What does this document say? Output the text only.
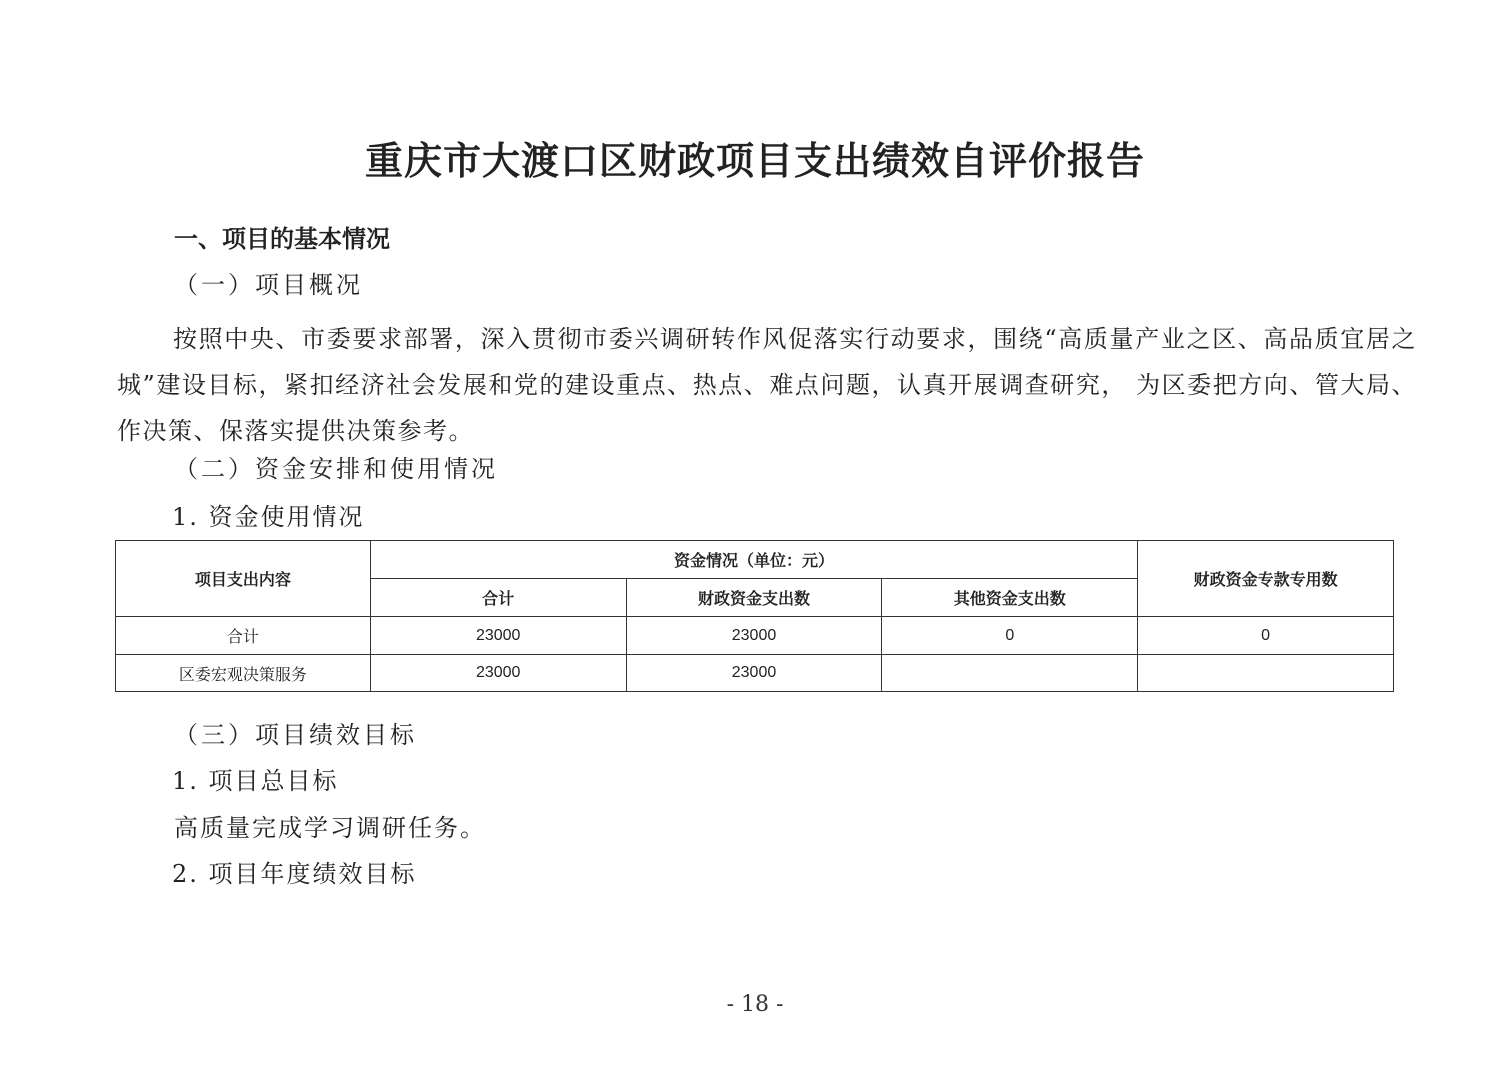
重庆市大渡口区财政项目支出绩效自评价报告
一、项目的基本情况
（一）项目概况
按照中央、市委要求部署，深入贯彻市委兴调研转作风促落实行动要求，围绕“高质量产业之区、高品质宜居之城”建设目标，紧扣经济社会发展和党的建设重点、热点、难点问题，认真开展调查研究， 为区委把方向、管大局、作决策、保落实提供决策参考。
（二）资金安排和使用情况
1. 资金使用情况
项目支出内容	资金情况（单位：元）			财政资金专款专用数
	合计	财政资金支出数	其他资金支出数	
合计	23000	23000	0	0
区委宏观决策服务	23000	23000		
（三）项目绩效目标
1. 项目总目标
高质量完成学习调研任务。
2. 项目年度绩效目标
- 18 -
